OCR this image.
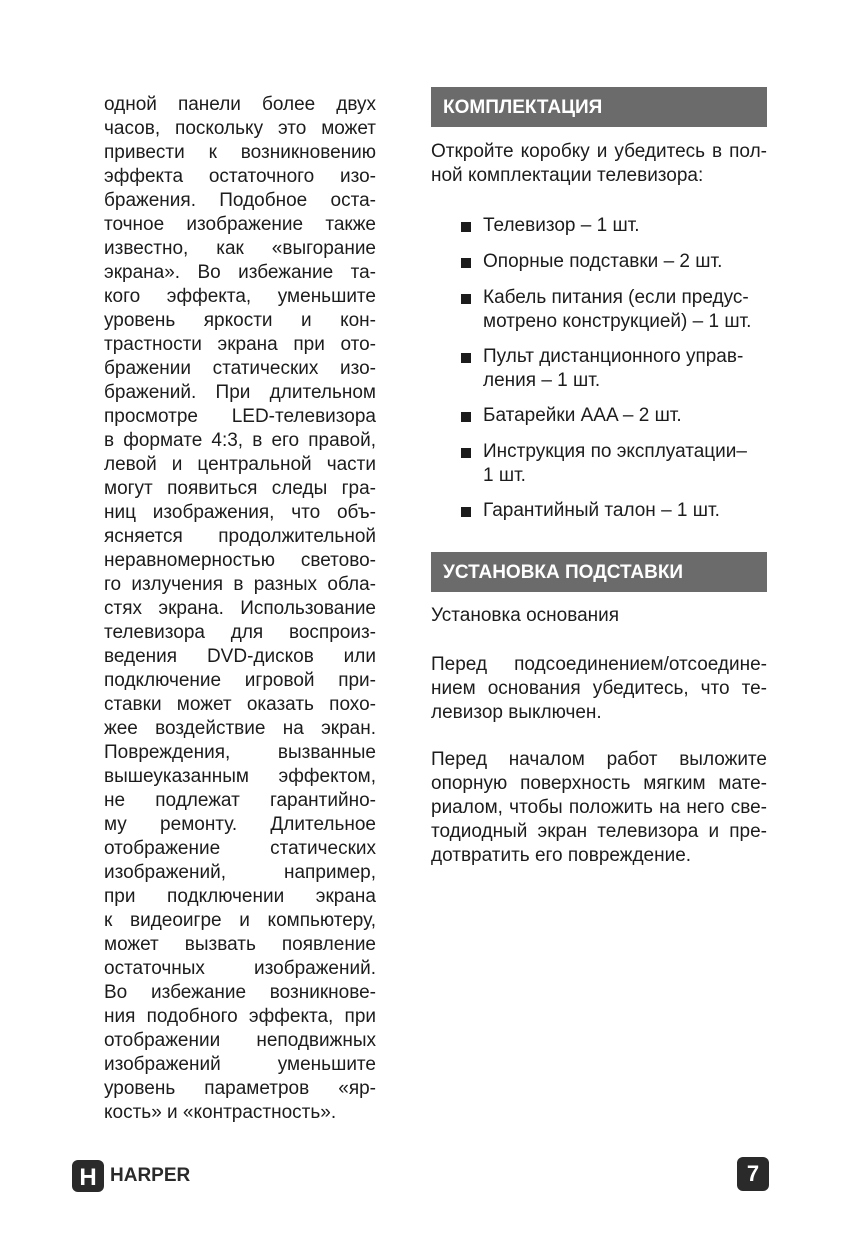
одной панели более двух
часов, поскольку это может
привести к возникновению
эффекта остаточного изо-
бражения. Подобное оста-
точное изображение также
известно, как «выгорание
экрана». Во избежание та-
кого эффекта, уменьшите
уровень яркости и кон-
трастности экрана при ото-
бражении статических изо-
бражений. При длительном
просмотре LED-телевизора
в формате 4:3, в его правой,
левой и центральной части
могут появиться следы гра-
ниц изображения, что объ-
ясняется продолжительной
неравномерностью светово-
го излучения в разных обла-
стях экрана. Использование
телевизора для воспроиз-
ведения DVD-дисков или
подключение игровой при-
ставки может оказать похо-
жее воздействие на экран.
Повреждения, вызванные
вышеуказанным эффектом,
не подлежат гарантийно-
му ремонту. Длительное
отображение статических
изображений, например,
при подключении экрана
к видеоигре и компьютеру,
может вызвать появление
остаточных изображений.
Во избежание возникнове-
ния подобного эффекта, при
отображении неподвижных
изображений уменьшите
уровень параметров «яр-
кость» и «контрастность».
КОМПЛЕКТАЦИЯ
Откройте коробку и убедитесь в пол-
ной комплектации телевизора:
Телевизор – 1 шт.
Опорные подставки – 2 шт.
Кабель питания (если предус-
мотрено конструкцией) – 1 шт.
Пульт дистанционного управ-
ления – 1 шт.
Батарейки AAA – 2 шт.
Инструкция по эксплуатации–
1 шт.
Гарантийный талон – 1 шт.
УСТАНОВКА ПОДСТАВКИ
Установка основания
Перед подсоединением/отсоедине-
нием основания убедитесь, что те-
левизор выключен.
Перед началом работ выложите
опорную поверхность мягким мате-
риалом, чтобы положить на него све-
тодиодный экран телевизора и пре-
дотвратить его повреждение.
H HARPER	7
